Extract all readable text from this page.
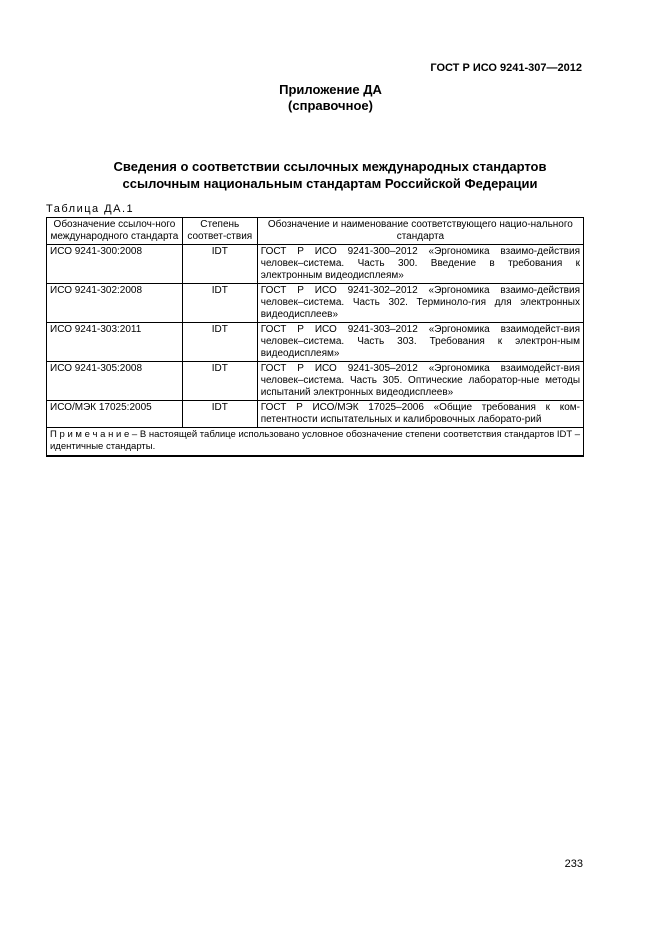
ГОСТ Р ИСО 9241-307—2012
Приложение ДА
(справочное)
Сведения о соответствии ссылочных международных стандартов
ссылочным национальным стандартам Российской Федерации
Таблица ДА.1
Обозначение ссылоч-ного международного стандарта	Степень соответ-ствия	Обозначение и наименование соответствующего нацио-нального стандарта
ИСО 9241-300:2008	IDT	ГОСТ Р ИСО 9241-300–2012 «Эргономика взаимо-действия человек–система. Часть 300. Введение в требования к электронным видеодисплеям»
ИСО 9241-302:2008	IDT	ГОСТ Р ИСО 9241-302–2012 «Эргономика взаимо-действия человек–система. Часть 302. Терминоло-гия для электронных видеодисплеев»
ИСО 9241-303:2011	IDT	ГОСТ Р ИСО 9241-303–2012 «Эргономика взаимодейст-вия человек–система. Часть 303. Требования к электрон-ным видеодисплеям»
ИСО 9241-305:2008	IDT	ГОСТ Р ИСО 9241-305–2012 «Эргономика взаимодейст-вия человек–система. Часть 305. Оптические лаборатор-ные методы испытаний электронных видеодисплеев»
ИСО/МЭК 17025:2005	IDT	ГОСТ Р ИСО/МЭК 17025–2006 «Общие требования к ком-петентности испытательных и калибровочных лаборато-рий
П р и м е ч а н и е – В настоящей таблице использовано условное обозначение степени соответствия стандартов IDT – идентичные стандарты.		
233
